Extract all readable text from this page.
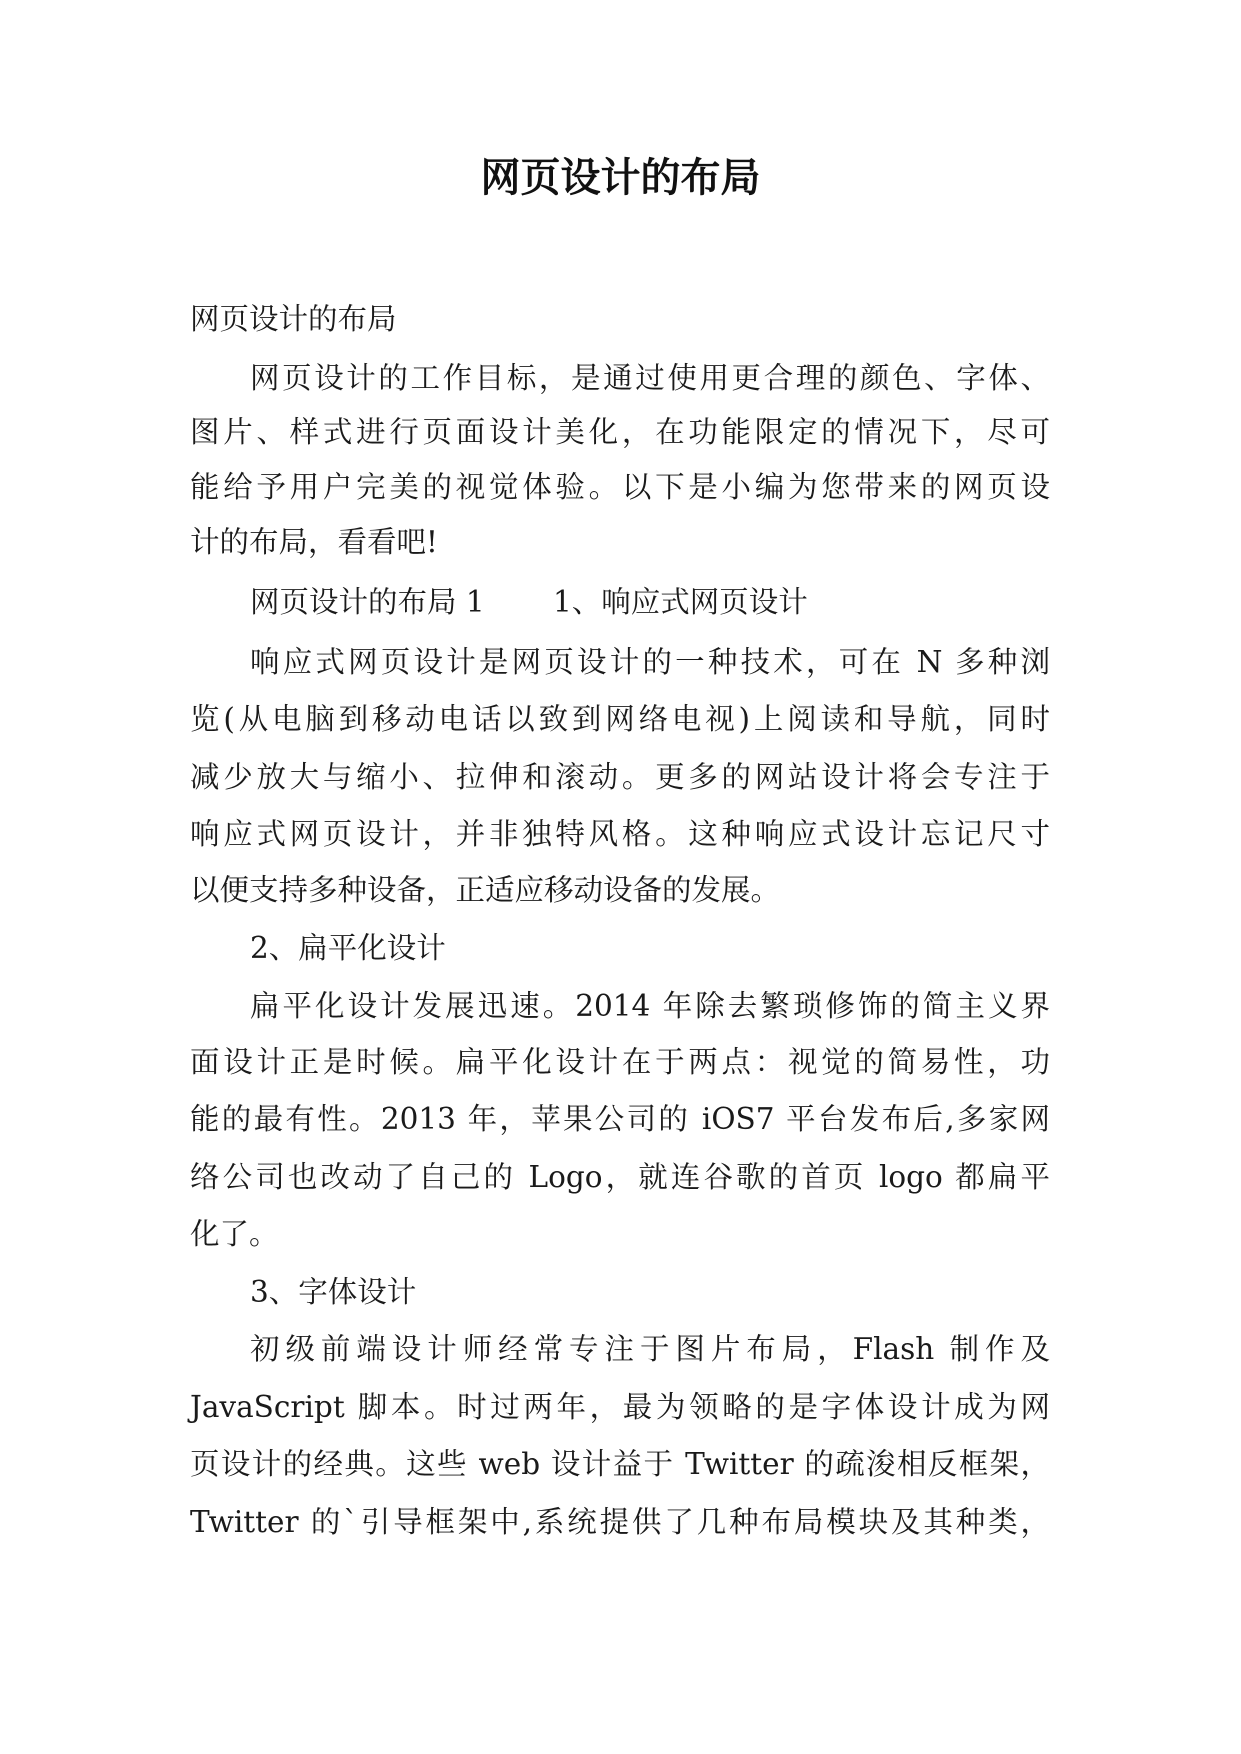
网页设计的布局
网页设计的布局
网页设计的工作目标，是通过使用更合理的颜色、字体、
图片、样式进行页面设计美化，在功能限定的情况下，尽可
能给予用户完美的视觉体验。以下是小编为您带来的网页设
计的布局，看看吧!
网页设计的布局 1　　 1、响应式网页设计
响应式网页设计是网页设计的一种技术，可在 N 多种浏
览(从电脑到移动电话以致到网络电视)上阅读和导航，同时
减少放大与缩小、拉伸和滚动。更多的网站设计将会专注于
响应式网页设计，并非独特风格。这种响应式设计忘记尺寸
以便支持多种设备，正适应移动设备的发展。
2、扁平化设计
扁平化设计发展迅速。2014 年除去繁琐修饰的简主义界
面设计正是时候。扁平化设计在于两点：视觉的简易性，功
能的最有性。2013 年，苹果公司的 iOS7 平台发布后,多家网
络公司也改动了自己的 Logo，就连谷歌的首页 logo 都扁平
化了。
3、字体设计
初级前端设计师经常专注于图片布局，Flash 制作及
JavaScript 脚本。时过两年，最为领略的是字体设计成为网
页设计的经典。这些 web 设计益于 Twitter 的疏浚相反框架，
Twitter 的`引导框架中,系统提供了几种布局模块及其种类，
